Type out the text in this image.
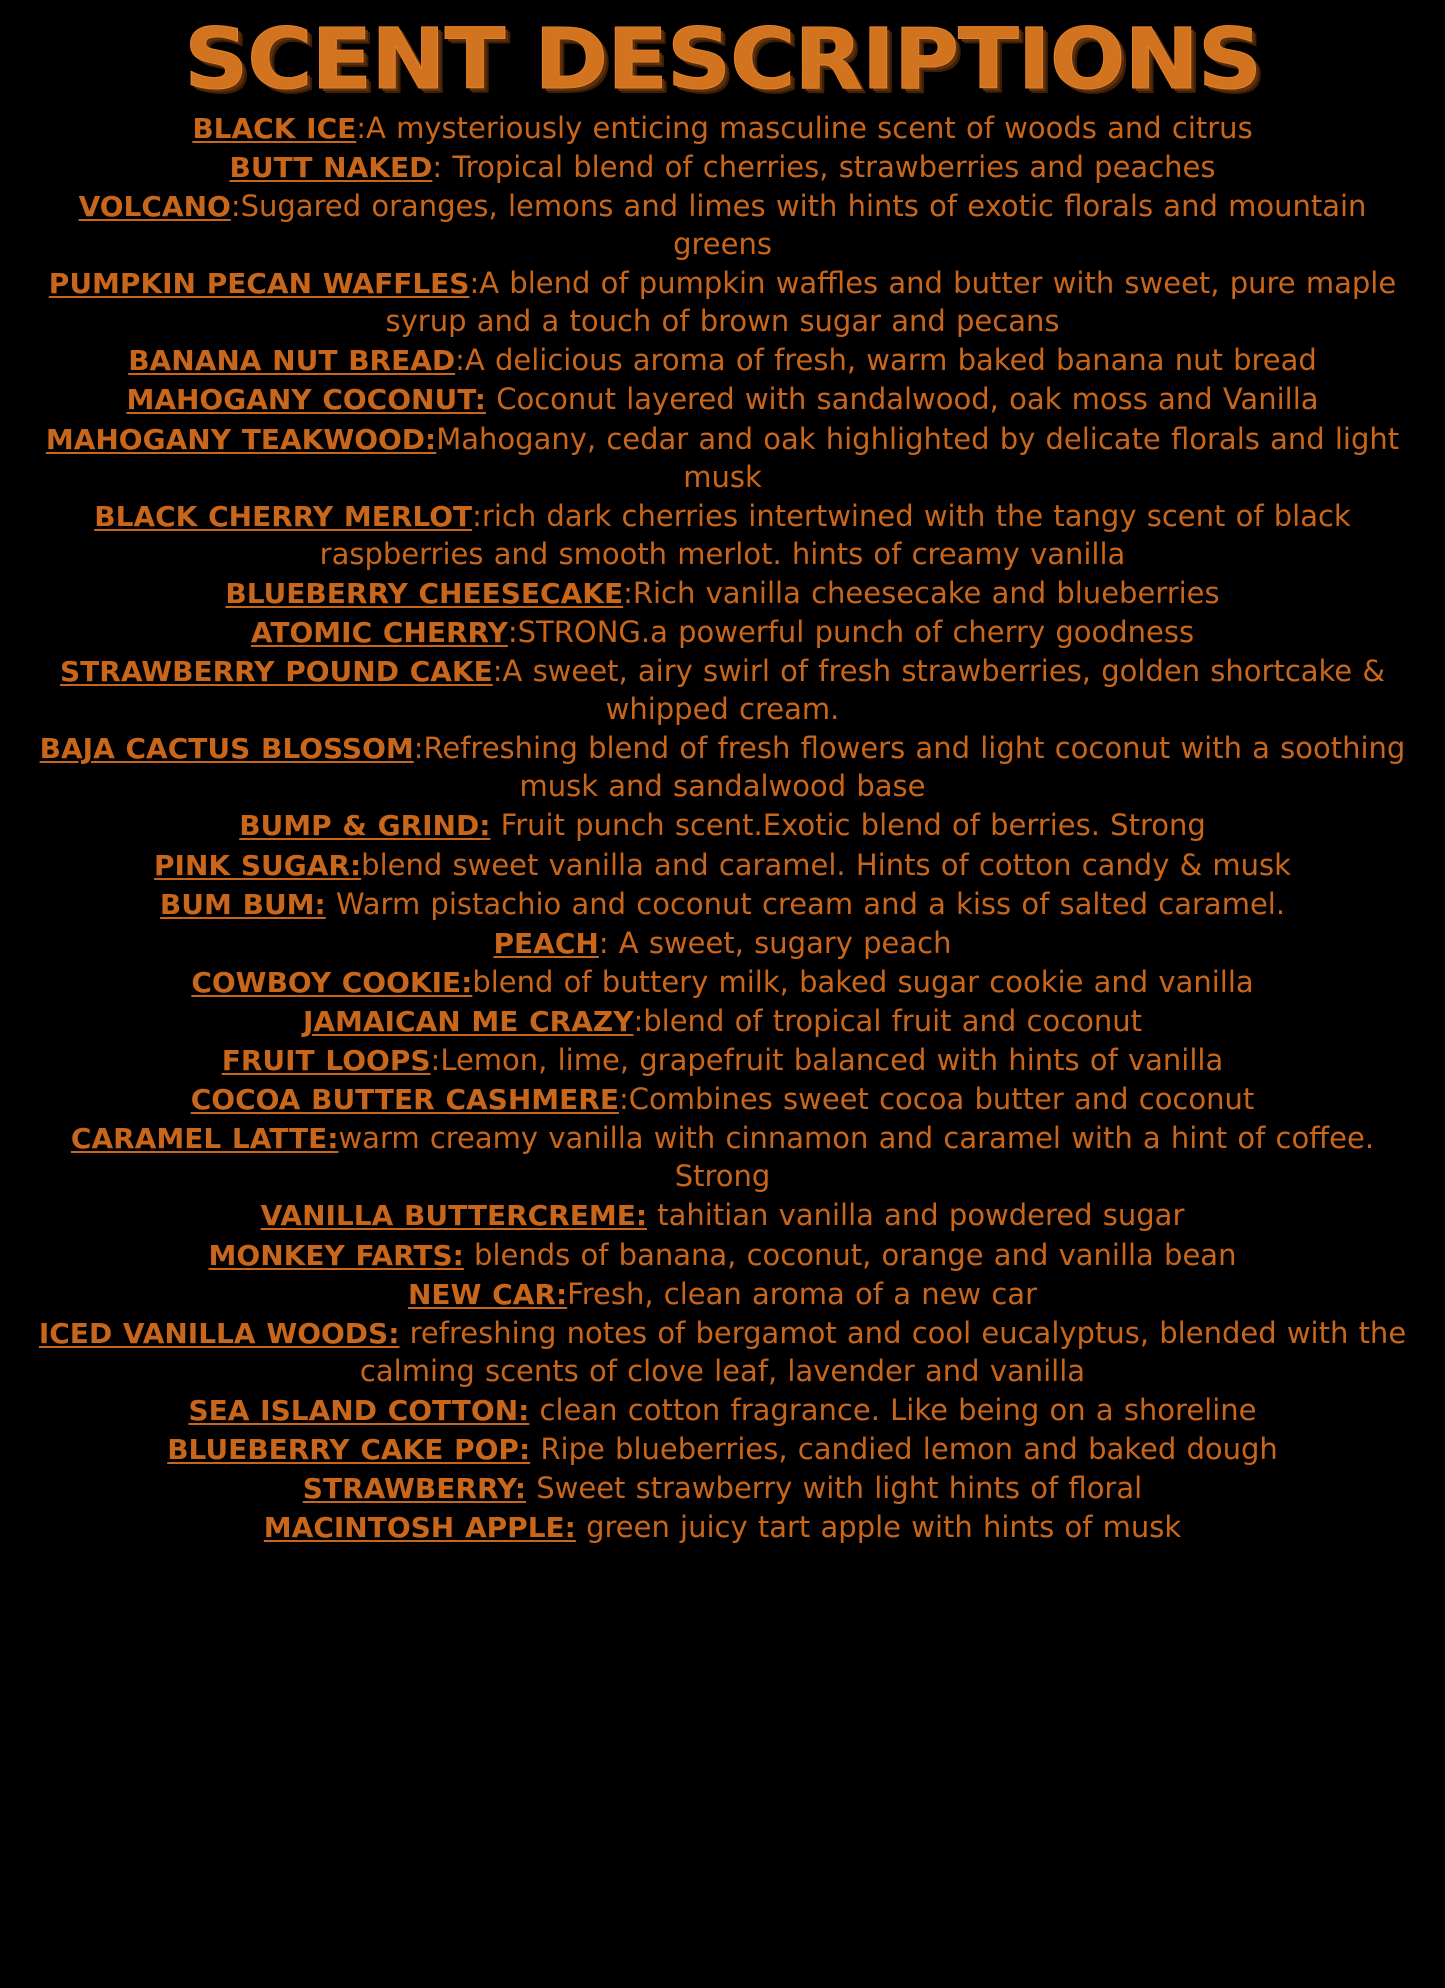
SCENT DESCRIPTIONS

BLACK ICE:A mysteriously enticing masculine scent of woods and citrus

BUTT NAKED: Tropical blend of cherries, strawberries and peaches

VOLCANO:Sugared oranges, lemons and limes with hints of exotic florals and mountain greens

PUMPKIN PECAN WAFFLES:A blend of pumpkin waffles and butter with sweet, pure maple syrup and a touch of brown sugar and pecans

BANANA NUT BREAD:A delicious aroma of fresh, warm baked banana nut bread

MAHOGANY COCONUT: Coconut layered with sandalwood, oak moss and Vanilla

MAHOGANY TEAKWOOD:Mahogany, cedar and oak highlighted by delicate florals and light musk

BLACK CHERRY MERLOT:rich dark cherries intertwined with the tangy scent of black raspberries and smooth merlot. hints of creamy vanilla

BLUEBERRY CHEESECAKE:Rich vanilla cheesecake and blueberries

ATOMIC CHERRY:STRONG.a powerful punch of cherry goodness

STRAWBERRY POUND CAKE:A sweet, airy swirl of fresh strawberries, golden shortcake & whipped cream.

BAJA CACTUS BLOSSOM:Refreshing blend of fresh flowers and light coconut with a soothing musk and sandalwood base

BUMP & GRIND: Fruit punch scent.Exotic blend of berries. Strong

PINK SUGAR:blend sweet vanilla and caramel. Hints of cotton candy & musk

BUM BUM: Warm pistachio and coconut cream and a kiss of salted caramel.

PEACH: A sweet, sugary peach

COWBOY COOKIE:blend of buttery milk, baked sugar cookie and vanilla

JAMAICAN ME CRAZY:blend of tropical fruit and coconut

FRUIT LOOPS:Lemon, lime, grapefruit balanced with hints of vanilla

COCOA BUTTER CASHMERE:Combines sweet cocoa butter and coconut

CARAMEL LATTE:warm creamy vanilla with cinnamon and caramel with a hint of coffee. Strong

VANILLA BUTTERCREME: tahitian vanilla and powdered sugar

MONKEY FARTS: blends of banana, coconut, orange and vanilla bean

NEW CAR:Fresh, clean aroma of a new car

ICED VANILLA WOODS: refreshing notes of bergamot and cool eucalyptus, blended with the calming scents of clove leaf, lavender and vanilla

SEA ISLAND COTTON: clean cotton fragrance. Like being on a shoreline

BLUEBERRY CAKE POP: Ripe blueberries, candied lemon and baked dough

STRAWBERRY: Sweet strawberry with light hints of floral

MACINTOSH APPLE: green juicy tart apple with hints of musk
